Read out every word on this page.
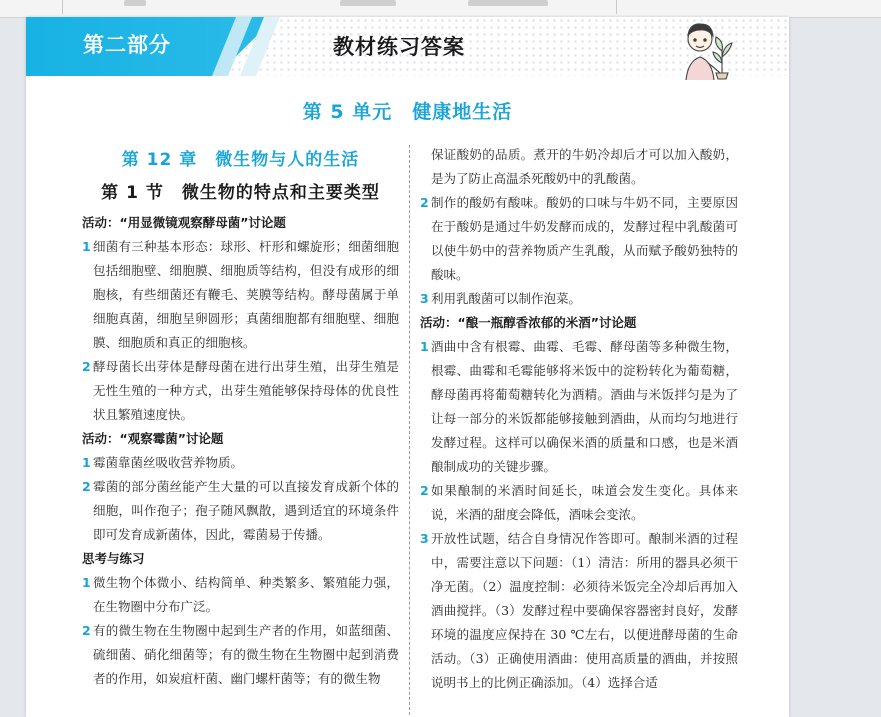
第二部分	教材练习答案
第 5 单元　健康地生活
第 12 章　微生物与人的生活
第 1 节　微生物的特点和主要类型
活动：“用显微镜观察酵母菌”讨论题
1 细菌有三种基本形态：球形、杆形和螺旋形；细菌细胞包括细胞壁、细胞膜、细胞质等结构，但没有成形的细胞核，有些细菌还有鞭毛、荚膜等结构。酵母菌属于单细胞真菌，细胞呈卵圆形；真菌细胞都有细胞壁、细胞膜、细胞质和真正的细胞核。
2 酵母菌长出芽体是酵母菌在进行出芽生殖，出芽生殖是无性生殖的一种方式，出芽生殖能够保持母体的优良性状且繁殖速度快。
活动：“观察霉菌”讨论题
1 霉菌靠菌丝吸收营养物质。
2 霉菌的部分菌丝能产生大量的可以直接发育成新个体的细胞，叫作孢子；孢子随风飘散，遇到适宜的环境条件即可发育成新菌体，因此，霉菌易于传播。
思考与练习
1 微生物个体微小、结构简单、种类繁多、繁殖能力强，在生物圈中分布广泛。
2 有的微生物在生物圈中起到生产者的作用，如蓝细菌、硫细菌、硝化细菌等；有的微生物在生物圈中起到消费者的作用，如炭疽杆菌、幽门螺杆菌等；有的微生物
保证酸奶的品质。煮开的牛奶冷却后才可以加入酸奶，是为了防止高温杀死酸奶中的乳酸菌。
2 制作的酸奶有酸味。酸奶的口味与牛奶不同，主要原因在于酸奶是通过牛奶发酵而成的，发酵过程中乳酸菌可以使牛奶中的营养物质产生乳酸，从而赋予酸奶独特的酸味。
3 利用乳酸菌可以制作泡菜。
活动：“酿一瓶醇香浓郁的米酒”讨论题
1 酒曲中含有根霉、曲霉、毛霉、酵母菌等多种微生物，根霉、曲霉和毛霉能够将米饭中的淀粉转化为葡萄糖，酵母菌再将葡萄糖转化为酒精。酒曲与米饭拌匀是为了让每一部分的米饭都能够接触到酒曲，从而均匀地进行发酵过程。这样可以确保米酒的质量和口感，也是米酒酿制成功的关键步骤。
2 如果酿制的米酒时间延长，味道会发生变化。具体来说，米酒的甜度会降低，酒味会变浓。
3 开放性试题，结合自身情况作答即可。酿制米酒的过程中，需要注意以下问题：（1）清洁：所用的器具必须干净无菌。（2）温度控制：必须待米饭完全冷却后再加入酒曲搅拌。（3）发酵过程中要确保容器密封良好，发酵环境的温度应保持在 30 ℃左右，以便进酵母菌的生命活动。（3）正确使用酒曲：使用高质量的酒曲，并按照说明书上的比例正确添加。（4）选择合适
